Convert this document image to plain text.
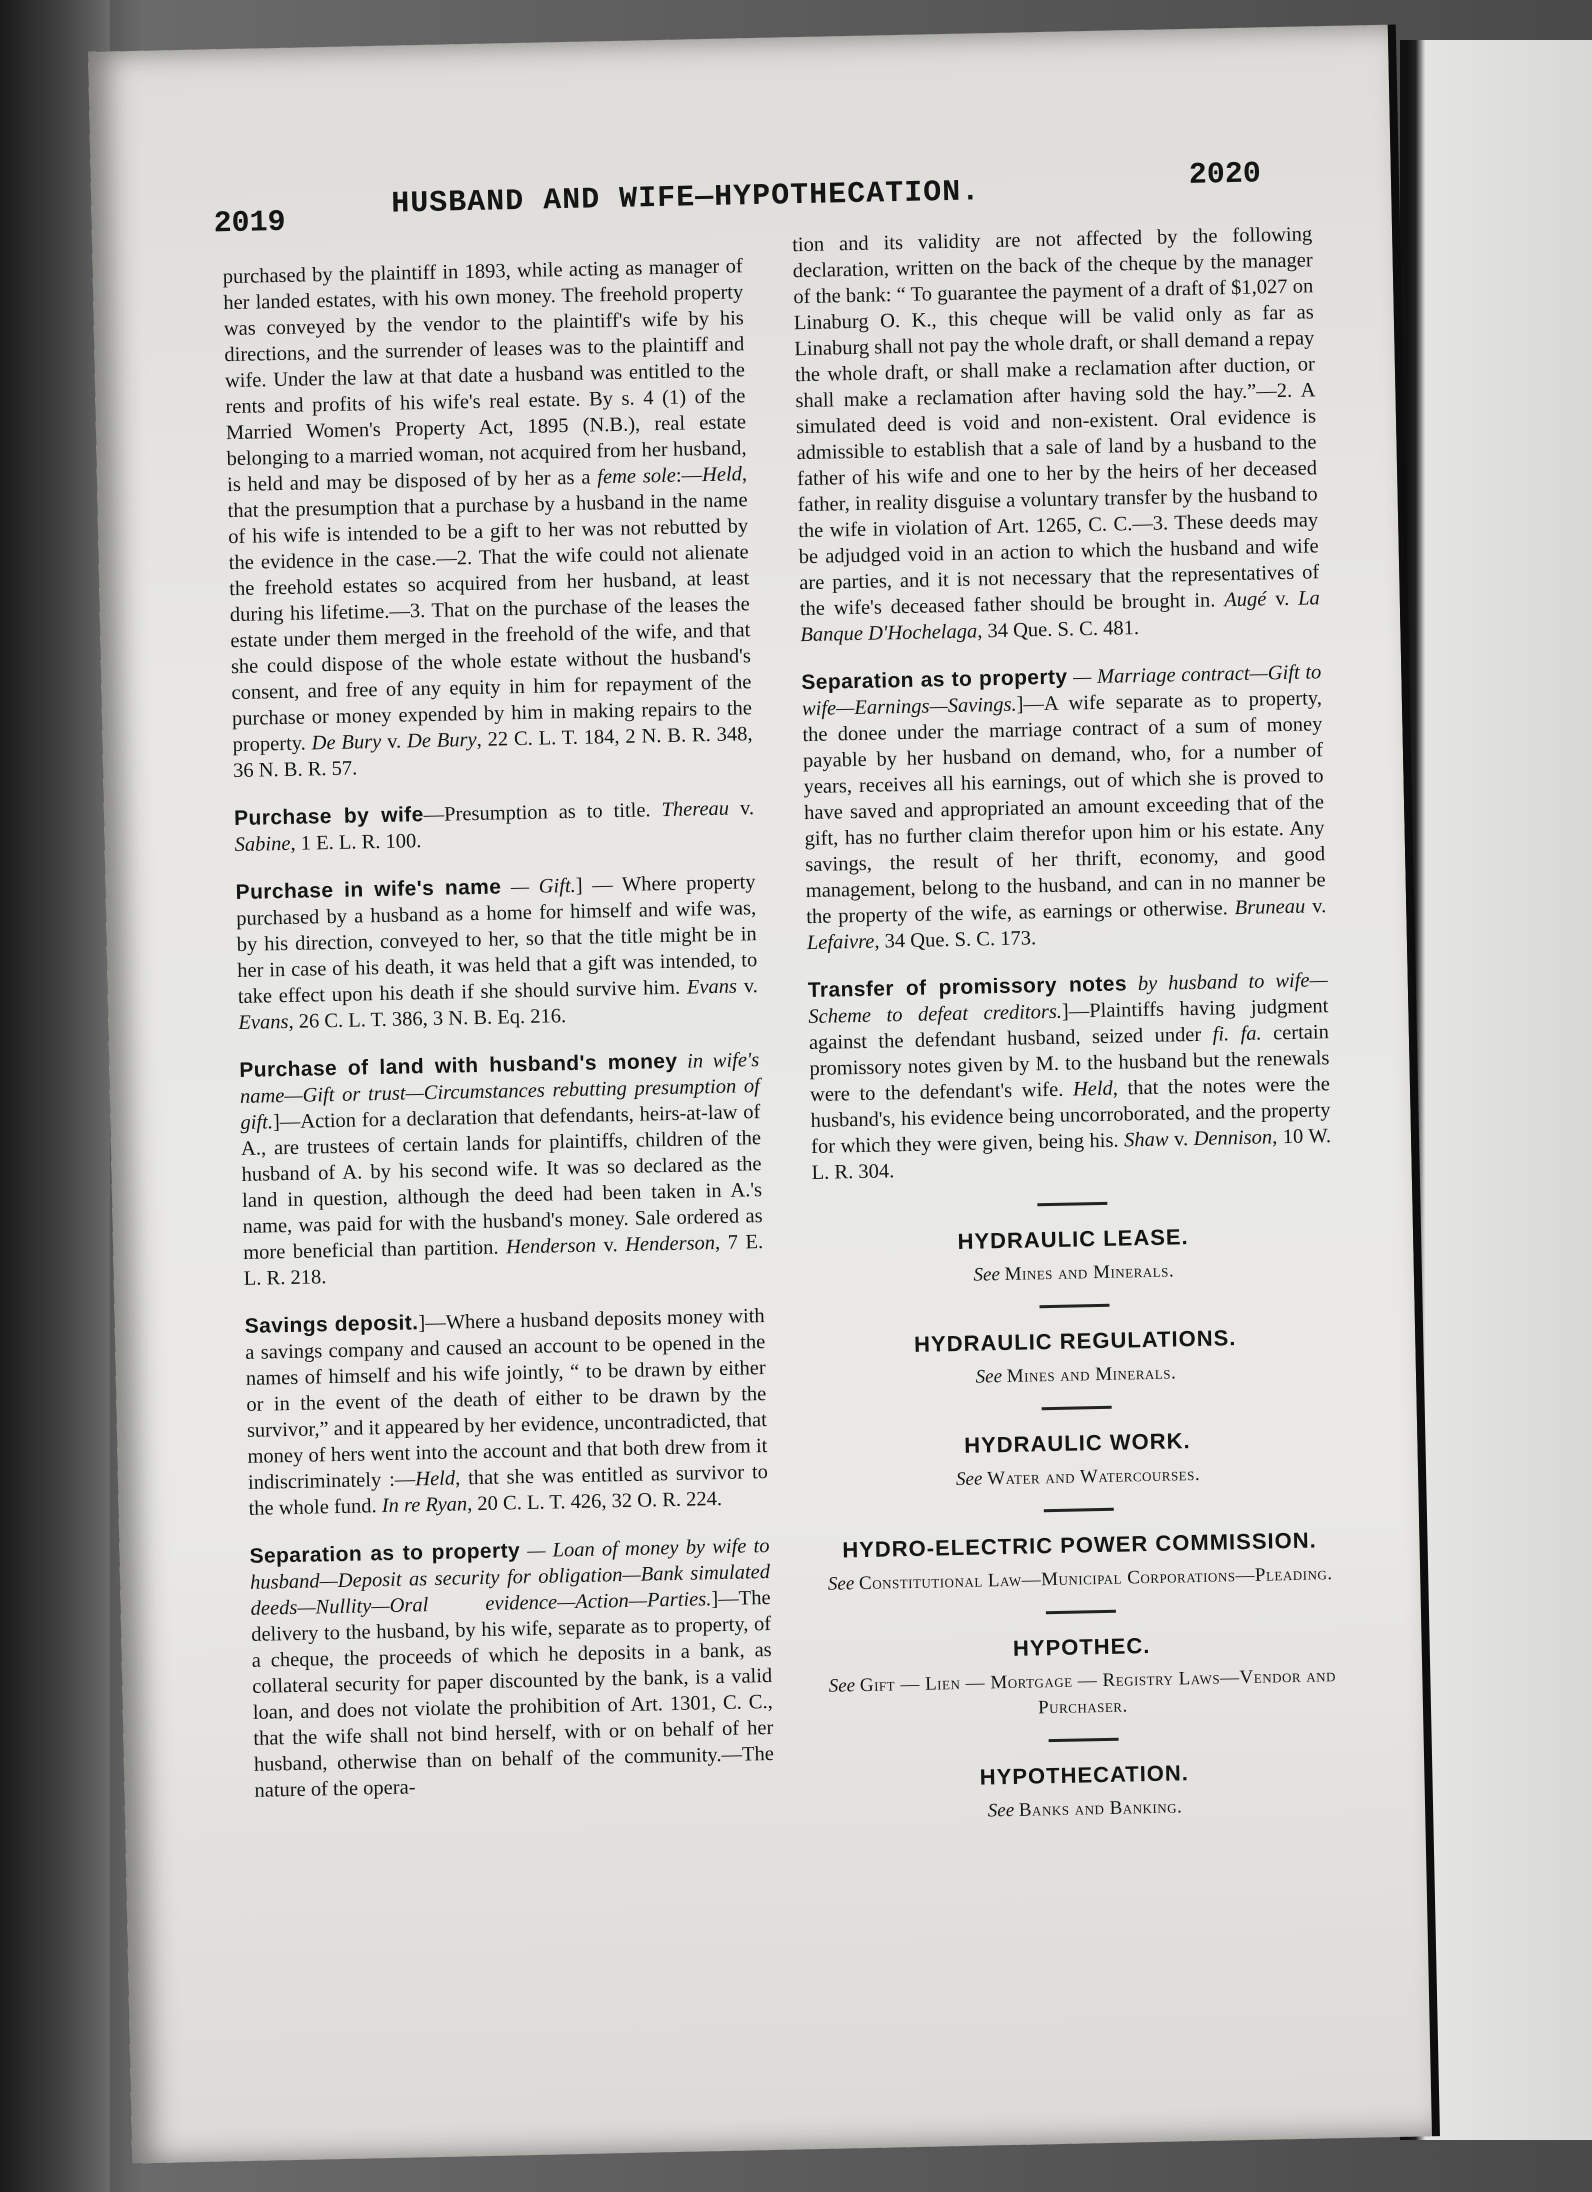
2019
HUSBAND AND WIFE—HYPOTHECATION.
2020

purchased by the plaintiff in 1893, while acting as manager of her landed estates, with his own money. The freehold property was conveyed by the vendor to the plaintiff's wife by his directions, and the surrender of leases was to the plaintiff and wife. Under the law at that date a husband was entitled to the rents and profits of his wife's real estate. By s. 4 (1) of the Married Women's Property Act, 1895 (N.B.), real estate belonging to a married woman, not acquired from her husband, is held and may be disposed of by her as a feme sole:—Held, that the presumption that a purchase by a husband in the name of his wife is intended to be a gift to her was not rebutted by the evidence in the case.—2. That the wife could not alienate the freehold estates so acquired from her husband, at least during his lifetime.—3. That on the purchase of the leases the estate under them merged in the freehold of the wife, and that she could dispose of the whole estate without the husband's consent, and free of any equity in him for repayment of the purchase or money expended by him in making repairs to the property. De Bury v. De Bury, 22 C. L. T. 184, 2 N. B. R. 348, 36 N. B. R. 57.

Purchase by wife—Presumption as to title. Thereau v. Sabine, 1 E. L. R. 100.

Purchase in wife's name — Gift.] — Where property purchased by a husband as a home for himself and wife was, by his direction, conveyed to her, so that the title might be in her in case of his death, it was held that a gift was intended, to take effect upon his death if she should survive him. Evans v. Evans, 26 C. L. T. 386, 3 N. B. Eq. 216.

Purchase of land with husband's money in wife's name—Gift or trust—Circumstances rebutting presumption of gift.]—Action for a declaration that defendants, heirs-at-law of A., are trustees of certain lands for plaintiffs, children of the husband of A. by his second wife. It was so declared as the land in question, although the deed had been taken in A.'s name, was paid for with the husband's money. Sale ordered as more beneficial than partition. Henderson v. Henderson, 7 E. L. R. 218.

Savings deposit.]—Where a husband deposits money with a savings company and caused an account to be opened in the names of himself and his wife jointly, “ to be drawn by either or in the event of the death of either to be drawn by the survivor,” and it appeared by her evidence, uncontradicted, that money of hers went into the account and that both drew from it indiscriminately :—Held, that she was entitled as survivor to the whole fund. In re Ryan, 20 C. L. T. 426, 32 O. R. 224.

Separation as to property — Loan of money by wife to husband—Deposit as security for obligation—Bank simulated deeds—Nullity—Oral evidence—Action—Parties.]—The delivery to the husband, by his wife, separate as to property, of a cheque, the proceeds of which he deposits in a bank, as collateral security for paper discounted by the bank, is a valid loan, and does not violate the prohibition of Art. 1301, C. C., that the wife shall not bind herself, with or on behalf of her husband, otherwise than on behalf of the community.—The nature of the opera-

tion and its validity are not affected by the following declaration, written on the back of the cheque by the manager of the bank: “ To guarantee the payment of a draft of $1,027 on Linaburg O. K., this cheque will be valid only as far as Linaburg shall not pay the whole draft, or shall demand a repay the whole draft, or shall make a reclamation after duction, or shall make a reclamation after having sold the hay.”—2. A simulated deed is void and non-existent. Oral evidence is admissible to establish that a sale of land by a husband to the father of his wife and one to her by the heirs of her deceased father, in reality disguise a voluntary transfer by the husband to the wife in violation of Art. 1265, C. C.—3. These deeds may be adjudged void in an action to which the husband and wife are parties, and it is not necessary that the representatives of the wife's deceased father should be brought in. Augé v. La Banque D'Hochelaga, 34 Que. S. C. 481.

Separation as to property — Marriage contract—Gift to wife—Earnings—Savings.]—A wife separate as to property, the donee under the marriage contract of a sum of money payable by her husband on demand, who, for a number of years, receives all his earnings, out of which she is proved to have saved and appropriated an amount exceeding that of the gift, has no further claim therefor upon him or his estate. Any savings, the result of her thrift, economy, and good management, belong to the husband, and can in no manner be the property of the wife, as earnings or otherwise. Bruneau v. Lefaivre, 34 Que. S. C. 173.

Transfer of promissory notes by husband to wife—Scheme to defeat creditors.]—Plaintiffs having judgment against the defendant husband, seized under fi. fa. certain promissory notes given by M. to the husband but the renewals were to the defendant's wife. Held, that the notes were the husband's, his evidence being uncorroborated, and the property for which they were given, being his. Shaw v. Dennison, 10 W. L. R. 304.

HYDRAULIC LEASE.
See Mines and Minerals.
HYDRAULIC REGULATIONS.
See Mines and Minerals.
HYDRAULIC WORK.
See Water and Watercourses.
HYDRO-ELECTRIC POWER COMMISSION.
See Constitutional Law—Municipal Corporations—Pleading.
HYPOTHEC.
See Gift — Lien — Mortgage — Registry Laws—Vendor and Purchaser.
HYPOTHECATION.
See Banks and Banking.
